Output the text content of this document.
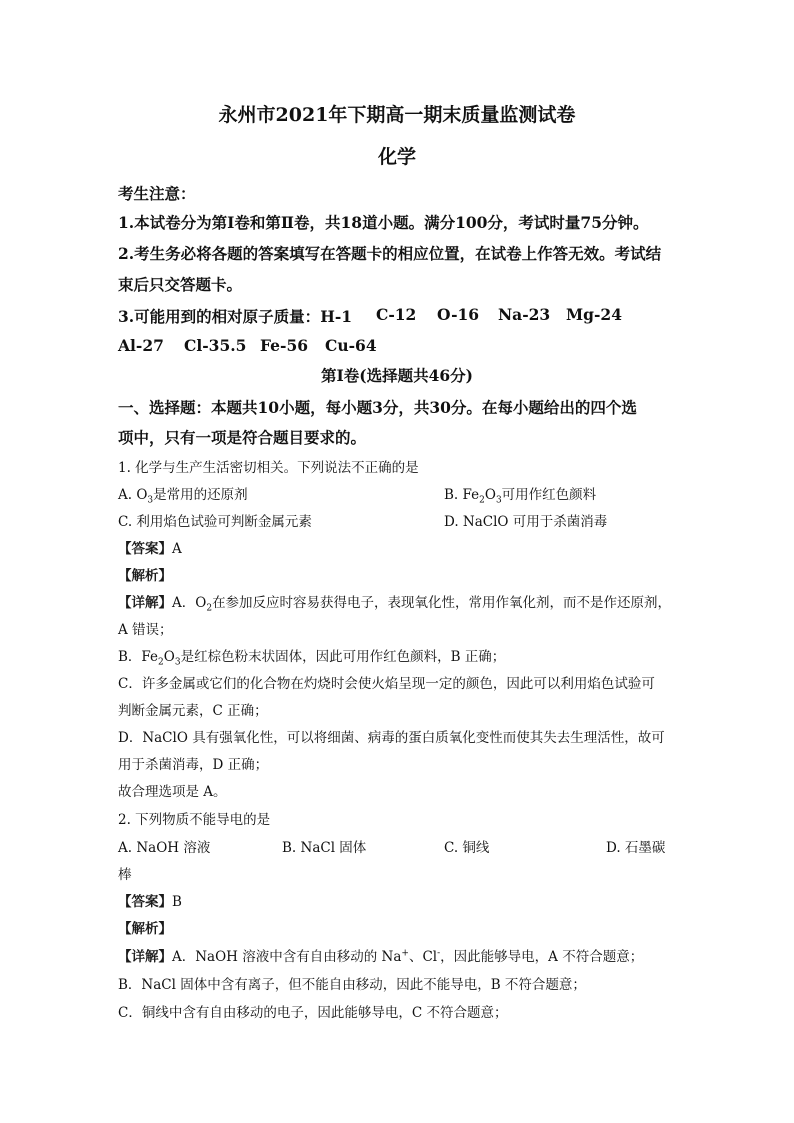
永州市2021年下期高一期末质量监测试卷
化学
考生注意：
1.本试卷分为第Ⅰ卷和第Ⅱ卷，共18道小题。满分100分，考试时量75分钟。
2.考生务必将各题的答案填写在答题卡的相应位置，在试卷上作答无效。考试结
束后只交答题卡。
3.可能用到的相对原子质量：H-1 C-12 O-16 Na-23 Mg-24
Al-27 Cl-35.5 Fe-56 Cu-64
第Ⅰ卷(选择题共46分)
一、选择题：本题共10小题，每小题3分，共30分。在每小题给出的四个选
项中，只有一项是符合题目要求的。
1. 化学与生产生活密切相关。下列说法不正确的是
A. $O_3$是常用的还原剂	B. $Fe_2O_3$可用作红色颜料
C. 利用焰色试验可判断金属元素	D. NaClO 可用于杀菌消毒
【答案】A
【解析】
【详解】A．$O_2$在参加反应时容易获得电子，表现氧化性，常用作氧化剂，而不是作还原剂，
A 错误；
B．$Fe_2O_3$是红棕色粉末状固体，因此可用作红色颜料，B 正确；
C．许多金属或它们的化合物在灼烧时会使火焰呈现一定的颜色，因此可以利用焰色试验可
判断金属元素，C 正确；
D．NaClO 具有强氧化性，可以将细菌、病毒的蛋白质氧化变性而使其失去生理活性，故可
用于杀菌消毒，D 正确；
故合理选项是 A。
2. 下列物质不能导电的是
A. NaOH 溶液	B. NaCl 固体	C. 铜线	D. 石墨碳
棒
【答案】B
【解析】
【详解】A．NaOH 溶液中含有自由移动的 Na+、Cl-，因此能够导电，A 不符合题意；
B．NaCl 固体中含有离子，但不能自由移动，因此不能导电，B 不符合题意；
C．铜线中含有自由移动的电子，因此能够导电，C 不符合题意；
